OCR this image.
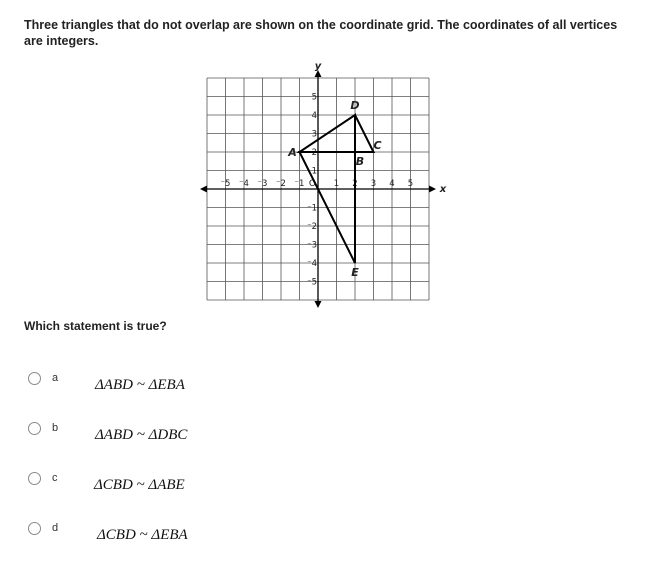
Three triangles that do not overlap are shown on the coordinate grid. The coordinates of all vertices are integers.

x
y
O
⁻5 ⁻4 ⁻3 ⁻2 ⁻1	1 2 3 4 5
5
4
3
2
1
⁻1
⁻2
⁻3
⁻4
⁻5
A
B
C
D
E

Which statement is true?

a ΔABD ~ ΔEBA
b ΔABD ~ ΔDBC
c ΔCBD ~ ΔABE
d	ΔCBD ~ ΔEBA
